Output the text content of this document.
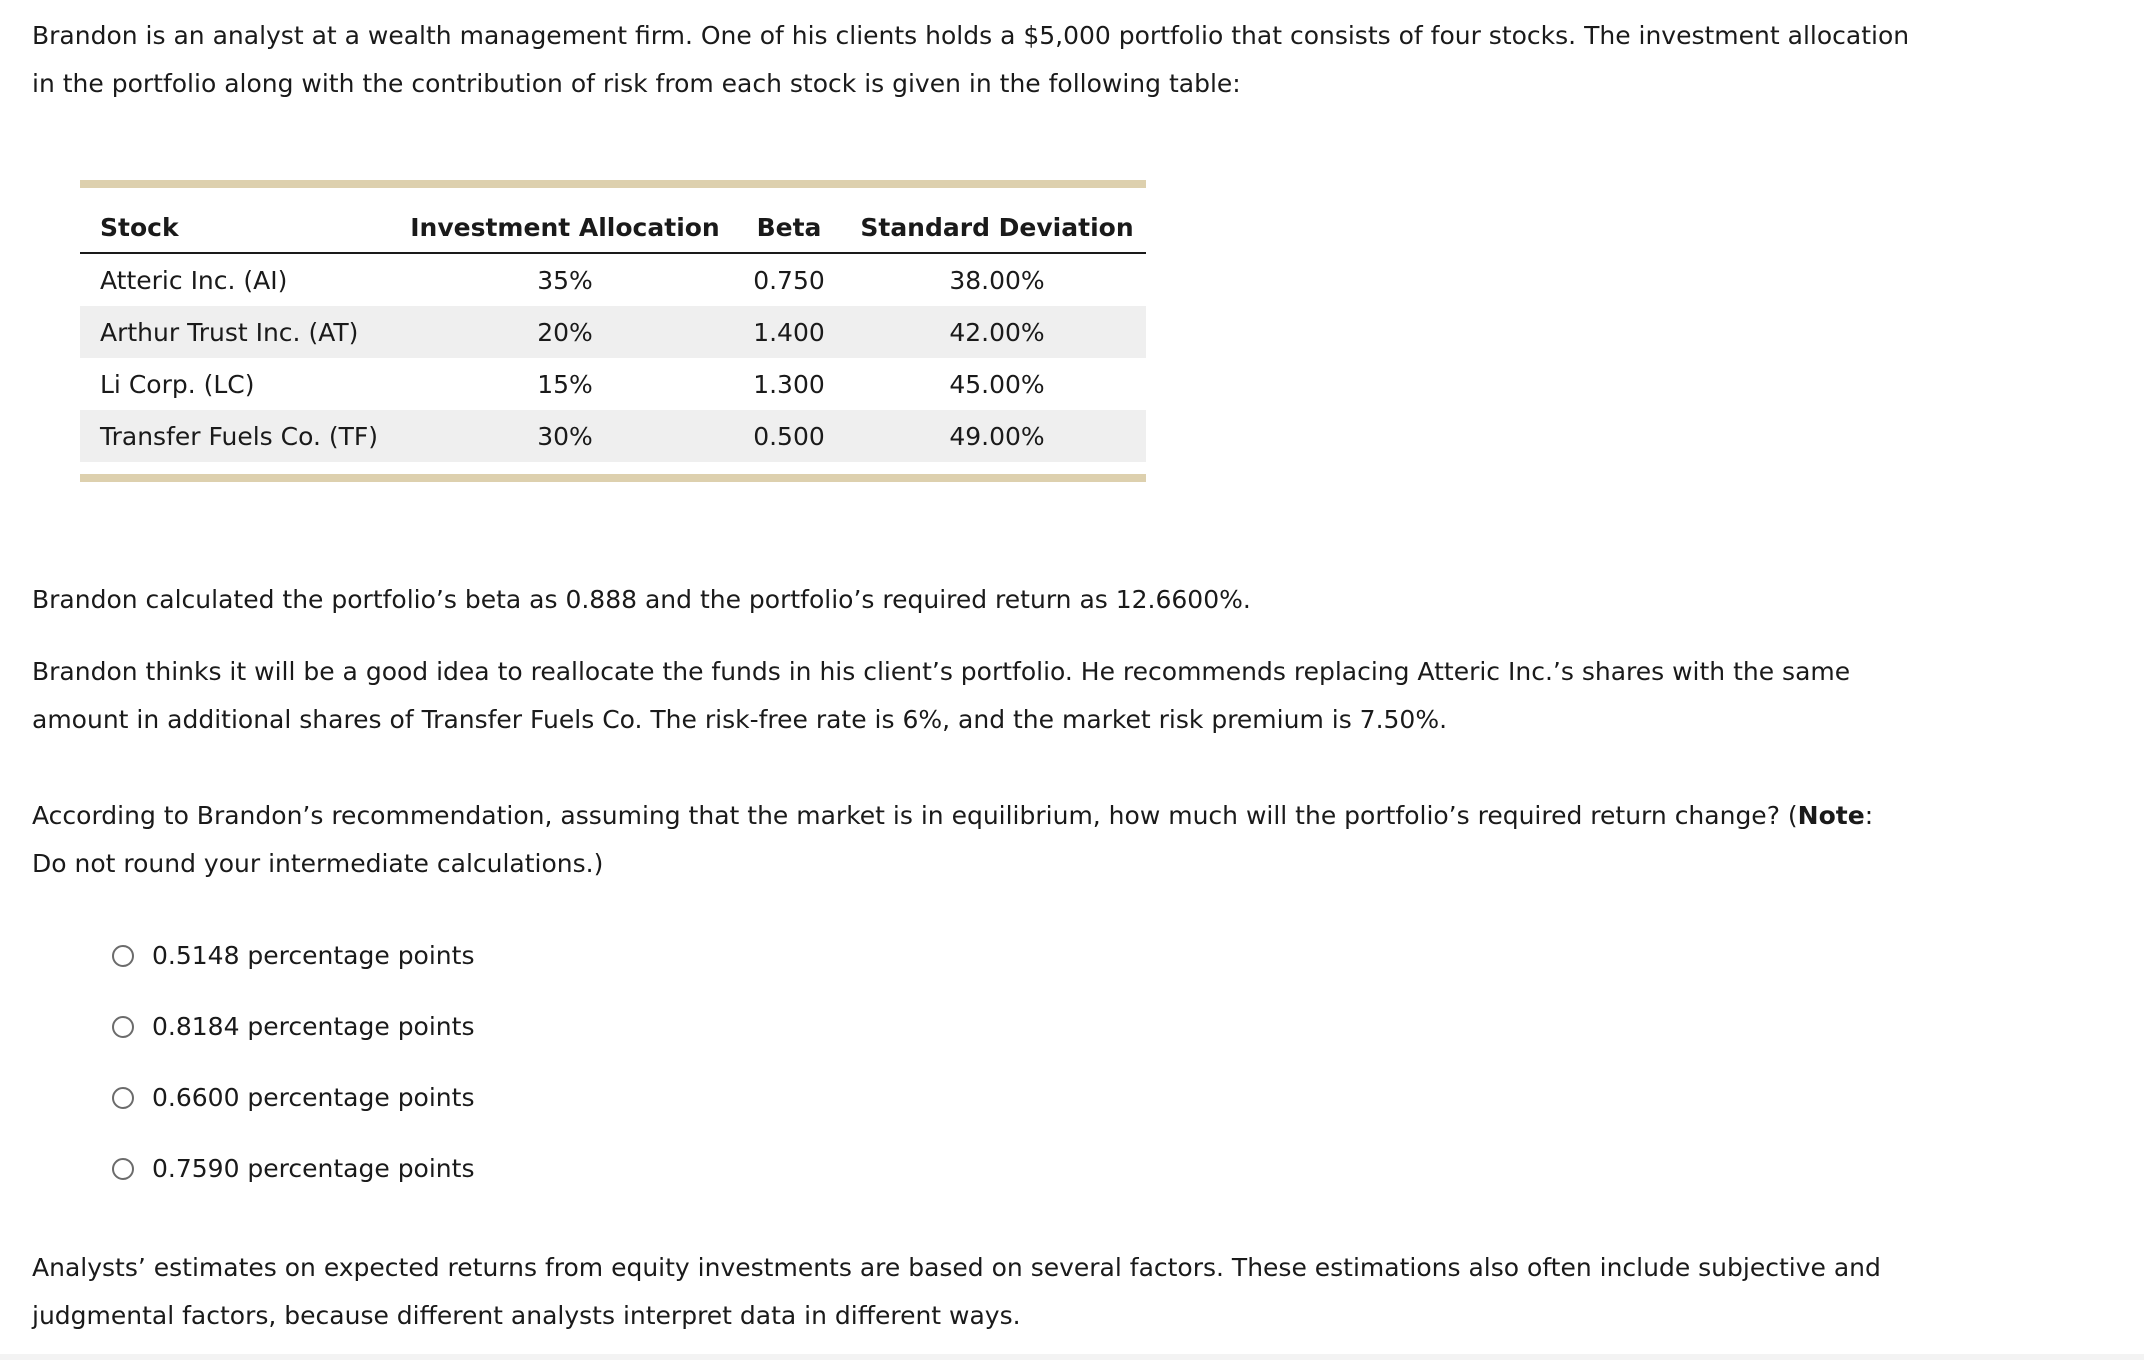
Brandon is an analyst at a wealth management firm. One of his clients holds a $5,000 portfolio that consists of four stocks. The investment allocation in the portfolio along with the contribution of risk from each stock is given in the following table:

Stock	Investment Allocation	Beta	Standard Deviation
Atteric Inc. (AI)	35%	0.750	38.00%
Arthur Trust Inc. (AT)	20%	1.400	42.00%
Li Corp. (LC)	15%	1.300	45.00%
Transfer Fuels Co. (TF)	30%	0.500	49.00%

Brandon calculated the portfolio’s beta as 0.888 and the portfolio’s required return as 12.6600%.

Brandon thinks it will be a good idea to reallocate the funds in his client’s portfolio. He recommends replacing Atteric Inc.’s shares with the same amount in additional shares of Transfer Fuels Co. The risk-free rate is 6%, and the market risk premium is 7.50%.

According to Brandon’s recommendation, assuming that the market is in equilibrium, how much will the portfolio’s required return change? (Note: Do not round your intermediate calculations.)

0.5148 percentage points
0.8184 percentage points
0.6600 percentage points
0.7590 percentage points

Analysts’ estimates on expected returns from equity investments are based on several factors. These estimations also often include subjective and judgmental factors, because different analysts interpret data in different ways.
